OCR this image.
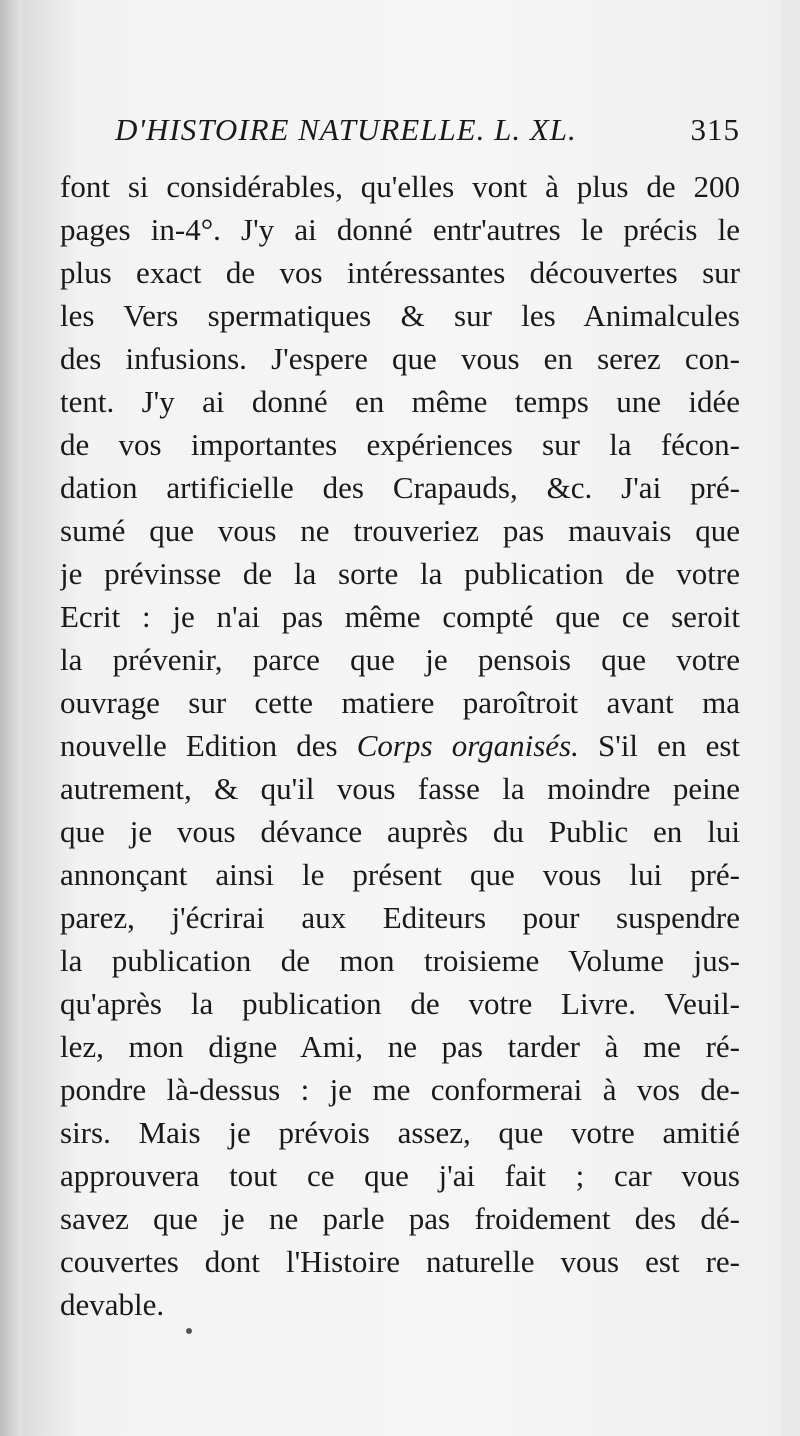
D'HISTOIRE NATURELLE. L. XL.	315
font si considérables, qu'elles vont à plus de 200
pages in-4°. J'y ai donné entr'autres le précis le
plus exact de vos intéressantes découvertes sur
les Vers spermatiques & sur les Animalcules
des infusions. J'espere que vous en serez con-
tent. J'y ai donné en même temps une idée
de vos importantes expériences sur la fécon-
dation artificielle des Crapauds, &c. J'ai pré-
sumé que vous ne trouveriez pas mauvais que
je prévinsse de la sorte la publication de votre
Ecrit : je n'ai pas même compté que ce seroit
la prévenir, parce que je pensois que votre
ouvrage sur cette matiere paroîtroit avant ma
nouvelle Edition des Corps organisés. S'il en est
autrement, & qu'il vous fasse la moindre peine
que je vous dévance auprès du Public en lui
annonçant ainsi le présent que vous lui pré-
parez, j'écrirai aux Editeurs pour suspendre
la publication de mon troisieme Volume jus-
qu'après la publication de votre Livre. Veuil-
lez, mon digne Ami, ne pas tarder à me ré-
pondre là-dessus : je me conformerai à vos de-
sirs. Mais je prévois assez, que votre amitié
approuvera tout ce que j'ai fait ; car vous
savez que je ne parle pas froidement des dé-
couvertes dont l'Histoire naturelle vous est re-
devable.
